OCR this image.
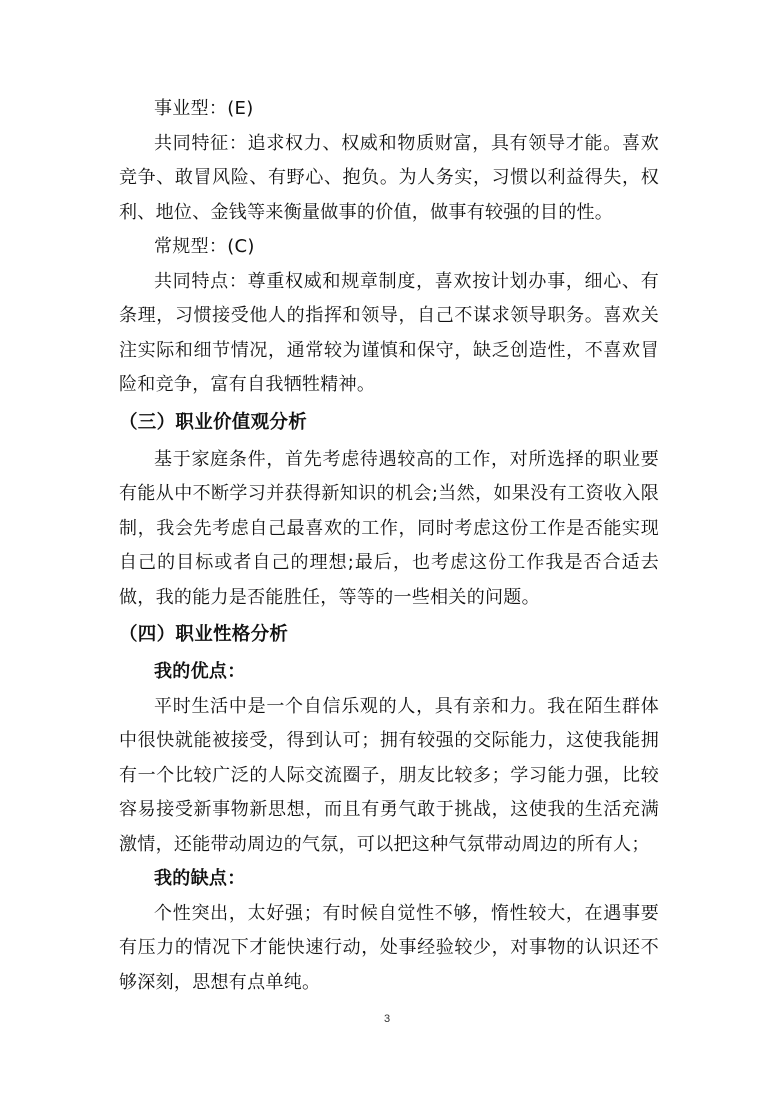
事业型：(E)

共同特征：追求权力、权威和物质财富，具有领导才能。喜欢竞争、敢冒风险、有野心、抱负。为人务实，习惯以利益得失，权利、地位、金钱等来衡量做事的价值，做事有较强的目的性。

常规型：(C)

共同特点：尊重权威和规章制度，喜欢按计划办事，细心、有条理，习惯接受他人的指挥和领导，自己不谋求领导职务。喜欢关注实际和细节情况，通常较为谨慎和保守，缺乏创造性，不喜欢冒险和竞争，富有自我牺牲精神。

（三）职业价值观分析

基于家庭条件，首先考虑待遇较高的工作，对所选择的职业要有能从中不断学习并获得新知识的机会;当然，如果没有工资收入限制，我会先考虑自己最喜欢的工作，同时考虑这份工作是否能实现自己的目标或者自己的理想;最后，也考虑这份工作我是否合适去做，我的能力是否能胜任，等等的一些相关的问题。

（四）职业性格分析

我的优点：

平时生活中是一个自信乐观的人，具有亲和力。我在陌生群体中很快就能被接受，得到认可；拥有较强的交际能力，这使我能拥有一个比较广泛的人际交流圈子，朋友比较多；学习能力强，比较容易接受新事物新思想，而且有勇气敢于挑战，这使我的生活充满激情，还能带动周边的气氛，可以把这种气氛带动周边的所有人；

我的缺点：

个性突出，太好强；有时候自觉性不够，惰性较大，在遇事要有压力的情况下才能快速行动，处事经验较少，对事物的认识还不够深刻，思想有点单纯。

3
